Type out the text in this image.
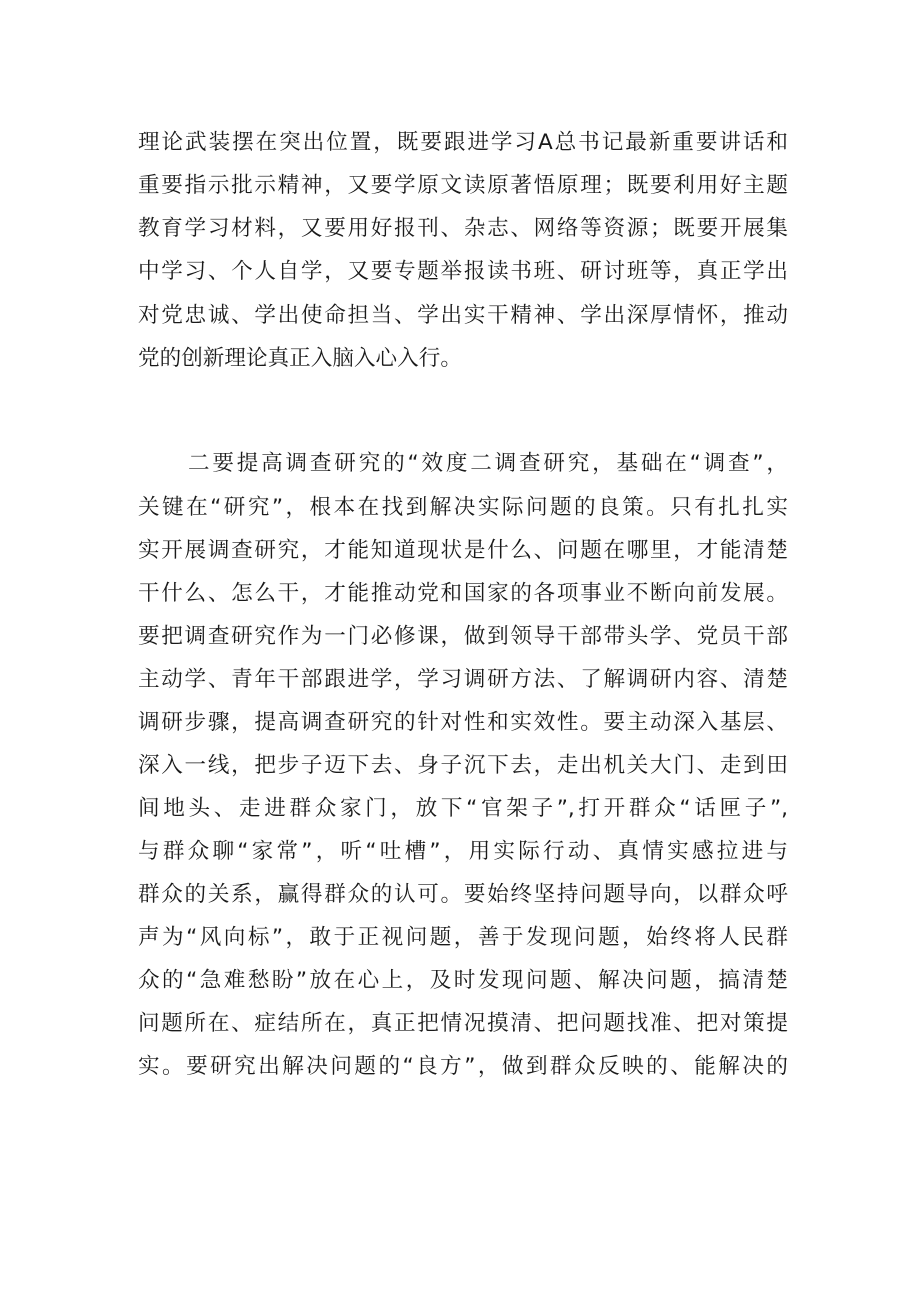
理论武装摆在突出位置，既要跟进学习A总书记最新重要讲话和
重要指示批示精神，又要学原文读原著悟原理；既要利用好主题
教育学习材料，又要用好报刊、杂志、网络等资源；既要开展集
中学习、个人自学，又要专题举报读书班、研讨班等，真正学出
对党忠诚、学出使命担当、学出实干精神、学出深厚情怀，推动
党的创新理论真正入脑入心入行。
二要提高调查研究的“效度二调查研究，基础在“调查”，
关键在“研究”，根本在找到解决实际问题的良策。只有扎扎实
实开展调查研究，才能知道现状是什么、问题在哪里，才能清楚
干什么、怎么干，才能推动党和国家的各项事业不断向前发展。
要把调查研究作为一门必修课，做到领导干部带头学、党员干部
主动学、青年干部跟进学，学习调研方法、了解调研内容、清楚
调研步骤，提高调查研究的针对性和实效性。要主动深入基层、
深入一线，把步子迈下去、身子沉下去，走出机关大门、走到田
间地头、走进群众家门，放下“官架子”,打开群众“话匣子”,
与群众聊“家常”，听“吐槽”，用实际行动、真情实感拉进与
群众的关系，赢得群众的认可。要始终坚持问题导向，以群众呼
声为“风向标”，敢于正视问题，善于发现问题，始终将人民群
众的“急难愁盼”放在心上，及时发现问题、解决问题，搞清楚
问题所在、症结所在，真正把情况摸清、把问题找准、把对策提
实。要研究出解决问题的“良方”，做到群众反映的、能解决的
